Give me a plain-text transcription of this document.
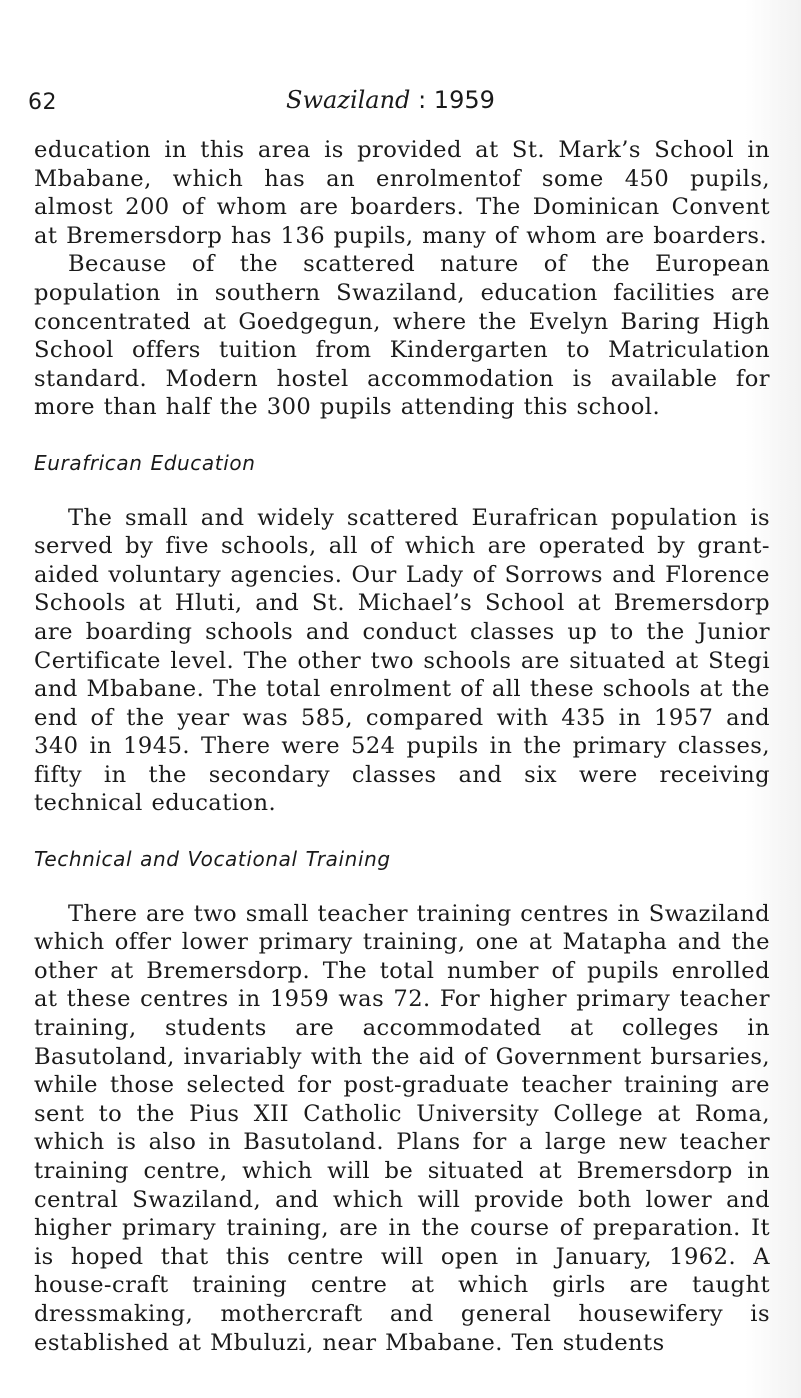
62	Swaziland : 1959

education in this area is provided at St. Mark’s School in Mbabane, which has an enrolmentof some 450 pupils, almost 200 of whom are boarders. The Dominican Convent at Bremersdorp has 136 pupils, many of whom are boarders.

Because of the scattered nature of the European population in southern Swaziland, education facilities are concentrated at Goedgegun, where the Evelyn Baring High School offers tuition from Kindergarten to Matriculation standard. Modern hostel accommodation is available for more than half the 300 pupils attending this school.

Eurafrican Education

The small and widely scattered Eurafrican population is served by five schools, all of which are operated by grant-aided voluntary agencies. Our Lady of Sorrows and Florence Schools at Hluti, and St. Michael’s School at Bremersdorp are boarding schools and conduct classes up to the Junior Certificate level. The other two schools are situated at Stegi and Mbabane. The total enrolment of all these schools at the end of the year was 585, compared with 435 in 1957 and 340 in 1945. There were 524 pupils in the primary classes, fifty in the secondary classes and six were receiving technical education.

Technical and Vocational Training

There are two small teacher training centres in Swaziland which offer lower primary training, one at Matapha and the other at Bremersdorp. The total number of pupils enrolled at these centres in 1959 was 72. For higher primary teacher training, students are accommodated at colleges in Basutoland, invariably with the aid of Government bursaries, while those selected for post-graduate teacher training are sent to the Pius XII Catholic University College at Roma, which is also in Basutoland. Plans for a large new teacher training centre, which will be situated at Bremersdorp in central Swaziland, and which will provide both lower and higher primary training, are in the course of preparation. It is hoped that this centre will open in January, 1962. A house-craft training centre at which girls are taught dressmaking, mothercraft and general housewifery is established at Mbuluzi, near Mbabane. Ten students
